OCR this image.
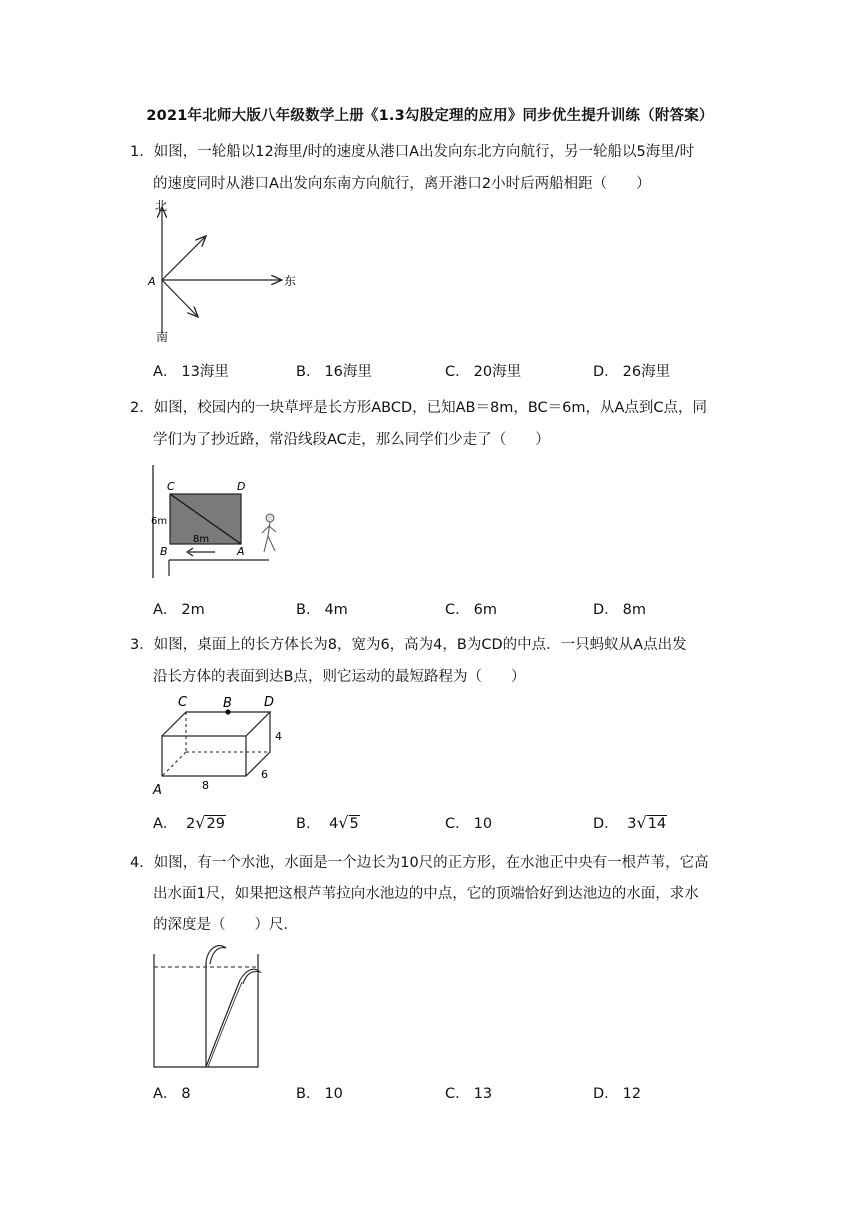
2021年北师大版八年级数学上册《1.3勾股定理的应用》同步优生提升训练（附答案）
1．如图，一轮船以12海里/时的速度从港口A出发向东北方向航行，另一轮船以5海里/时
的速度同时从港口A出发向东南方向航行，离开港口2小时后两船相距（　　）
北
A	东
南
A． 13海里	B． 16海里	C． 20海里	D． 26海里
2．如图，校园内的一块草坪是长方形ABCD，已知AB＝8m，BC＝6m，从A点到C点，同
学们为了抄近路，常沿线段AC走，那么同学们少走了（　　）
C	D
B	A
6m
8m
A． 2m	B． 4m	C． 6m	D． 8m
3．如图，桌面上的长方体长为8，宽为6，高为4，B为CD的中点．一只蚂蚁从A点出发
沿长方体的表面到达B点，则它运动的最短路程为（　　）
C	B D
A
4
8
6
A． 2√29	B． 4√5	C． 10	D． 3√14
4．如图，有一个水池，水面是一个边长为10尺的正方形，在水池正中央有一根芦苇，它高
出水面1尺，如果把这根芦苇拉向水池边的中点，它的顶端恰好到达池边的水面，求水
的深度是（　　）尺．
A． 8	B． 10	C． 13	D． 12
